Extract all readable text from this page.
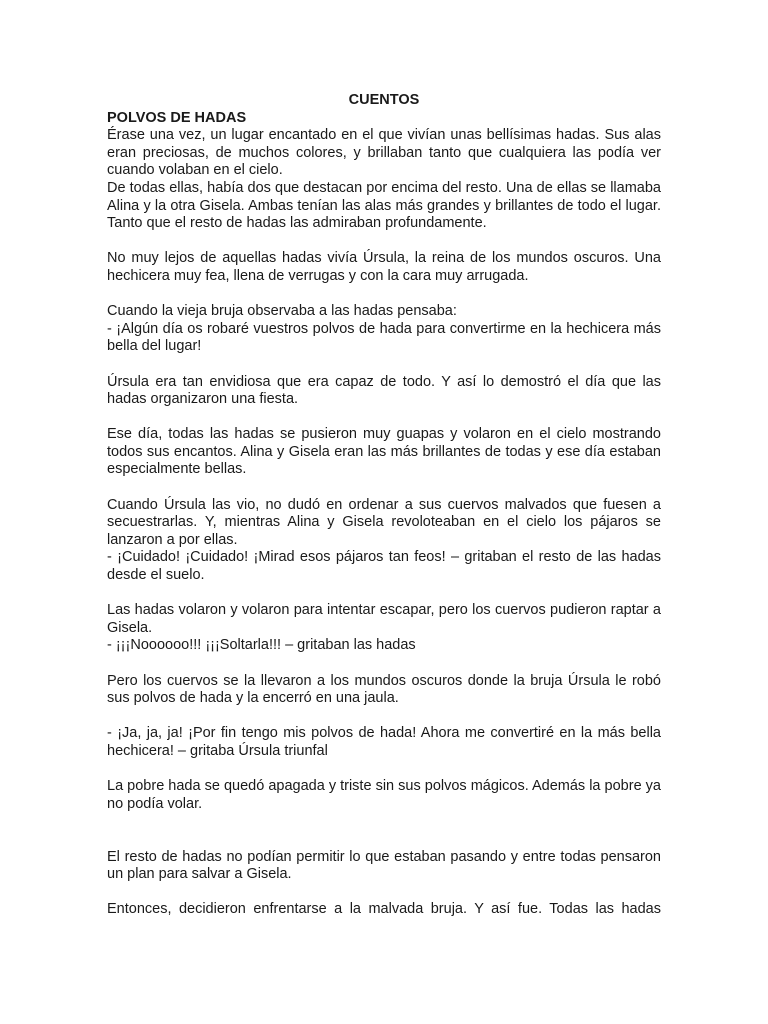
CUENTOS

POLVOS DE HADAS

Érase una vez, un lugar encantado en el que vivían unas bellísimas hadas. Sus alas eran preciosas, de muchos colores, y brillaban tanto que cualquiera las podía ver cuando volaban en el cielo.

De todas ellas, había dos que destacan por encima del resto. Una de ellas se llamaba Alina y la otra Gisela. Ambas tenían las alas más grandes y brillantes de todo el lugar. Tanto que el resto de hadas las admiraban profundamente.

No muy lejos de aquellas hadas vivía Úrsula, la reina de los mundos oscuros. Una hechicera muy fea, llena de verrugas y con la cara muy arrugada.

Cuando la vieja bruja observaba a las hadas pensaba:

- ¡Algún día os robaré vuestros polvos de hada para convertirme en la hechicera más bella del lugar!

Úrsula era tan envidiosa que era capaz de todo. Y así lo demostró el día que las hadas organizaron una fiesta.

Ese día, todas las hadas se pusieron muy guapas y volaron en el cielo mostrando todos sus encantos. Alina y Gisela eran las más brillantes de todas y ese día estaban especialmente bellas.

Cuando Úrsula las vio, no dudó en ordenar a sus cuervos malvados que fuesen a secuestrarlas. Y, mientras Alina y Gisela revoloteaban en el cielo los pájaros se lanzaron a por ellas.

- ¡Cuidado! ¡Cuidado! ¡Mirad esos pájaros tan feos! – gritaban el resto de las hadas desde el suelo.

Las hadas volaron y volaron para intentar escapar, pero los cuervos pudieron raptar a Gisela.

- ¡¡¡Noooooo!!! ¡¡¡Soltarla!!! – gritaban las hadas

Pero los cuervos se la llevaron a los mundos oscuros donde la bruja Úrsula le robó sus polvos de hada y la encerró en una jaula.

- ¡Ja, ja, ja! ¡Por fin tengo mis polvos de hada! Ahora me convertiré en la más bella hechicera! – gritaba Úrsula triunfal

La pobre hada se quedó apagada y triste sin sus polvos mágicos. Además la pobre ya no podía volar.

El resto de hadas no podían permitir lo que estaban pasando y entre todas pensaron un plan para salvar a Gisela.

Entonces, decidieron enfrentarse a la malvada bruja. Y así fue. Todas las hadas
